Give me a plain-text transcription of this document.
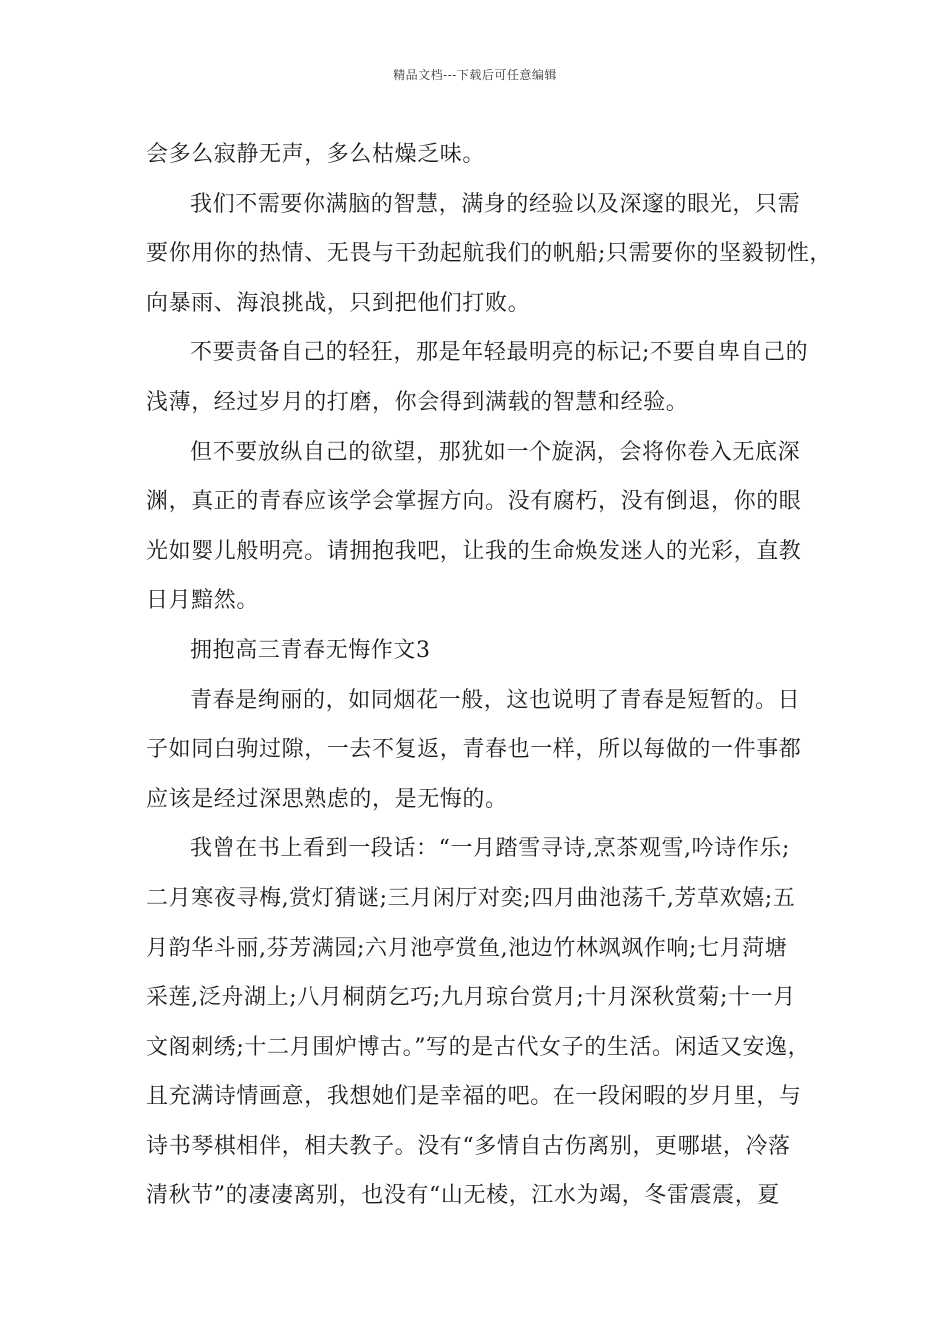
精品文档---下载后可任意编辑
会多么寂静无声，多么枯燥乏味。
我们不需要你满脑的智慧，满身的经验以及深邃的眼光，只需
要你用你的热情、无畏与干劲起航我们的帆船;只需要你的坚毅韧性，
向暴雨、海浪挑战，只到把他们打败。
不要责备自己的轻狂，那是年轻最明亮的标记;不要自卑自己的
浅薄，经过岁月的打磨，你会得到满载的智慧和经验。
但不要放纵自己的欲望，那犹如一个旋涡，会将你卷入无底深
渊，真正的青春应该学会掌握方向。没有腐朽，没有倒退，你的眼
光如婴儿般明亮。请拥抱我吧，让我的生命焕发迷人的光彩，直教
日月黯然。
拥抱高三青春无悔作文3
青春是绚丽的，如同烟花一般，这也说明了青春是短暂的。日
子如同白驹过隙，一去不复返，青春也一样，所以每做的一件事都
应该是经过深思熟虑的，是无悔的。
我曾在书上看到一段话：“一月踏雪寻诗,烹茶观雪,吟诗作乐;
二月寒夜寻梅,赏灯猜谜;三月闲厅对奕;四月曲池荡千,芳草欢嬉;五
月韵华斗丽,芬芳满园;六月池亭赏鱼,池边竹林飒飒作响;七月菏塘
采莲,泛舟湖上;八月桐荫乞巧;九月琼台赏月;十月深秋赏菊;十一月
文阁刺绣;十二月围炉博古。”写的是古代女子的生活。闲适又安逸，
且充满诗情画意，我想她们是幸福的吧。在一段闲暇的岁月里，与
诗书琴棋相伴，相夫教子。没有“多情自古伤离别，更哪堪，冷落
清秋节”的凄凄离别，也没有“山无棱，江水为竭，冬雷震震，夏
